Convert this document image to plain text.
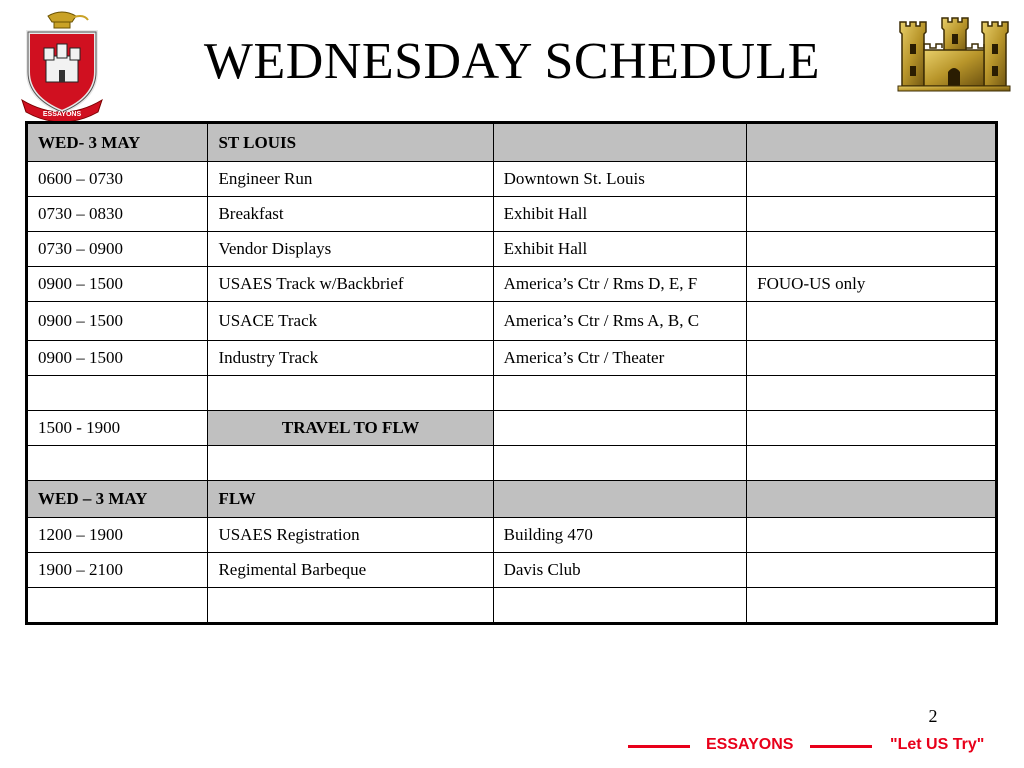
ESSAYONS
WEDNESDAY SCHEDULE
WED- 3 MAY	ST LOUIS		
0600 – 0730	Engineer Run	Downtown St. Louis	
0730 – 0830	Breakfast	Exhibit Hall	
0730 – 0900	Vendor Displays	Exhibit Hall	
0900 – 1500	USAES Track w/Backbrief	America’s Ctr / Rms D, E, F	FOUO-US only
0900 – 1500	USACE Track	America’s Ctr / Rms A, B, C	
0900 – 1500	Industry Track	America’s Ctr / Theater	

1500 - 1900	TRAVEL TO FLW		

WED – 3 MAY	FLW		
1200 – 1900	USAES Registration	Building 470	
1900 – 2100	Regimental Barbeque	Davis Club	

2
ESSAYONS	"Let US Try"
